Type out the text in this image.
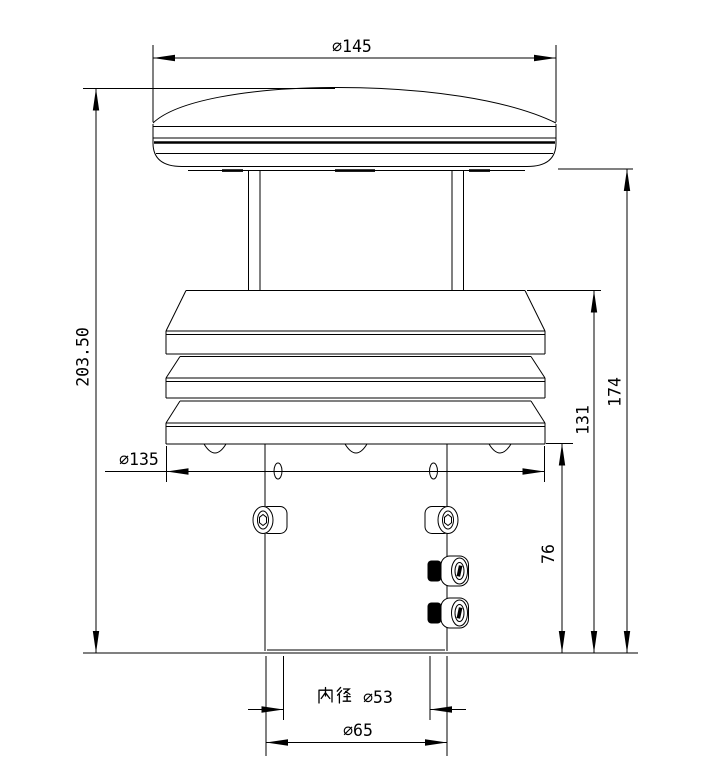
∅145
203.50
∅135
76
131
174
∅53
∅65
